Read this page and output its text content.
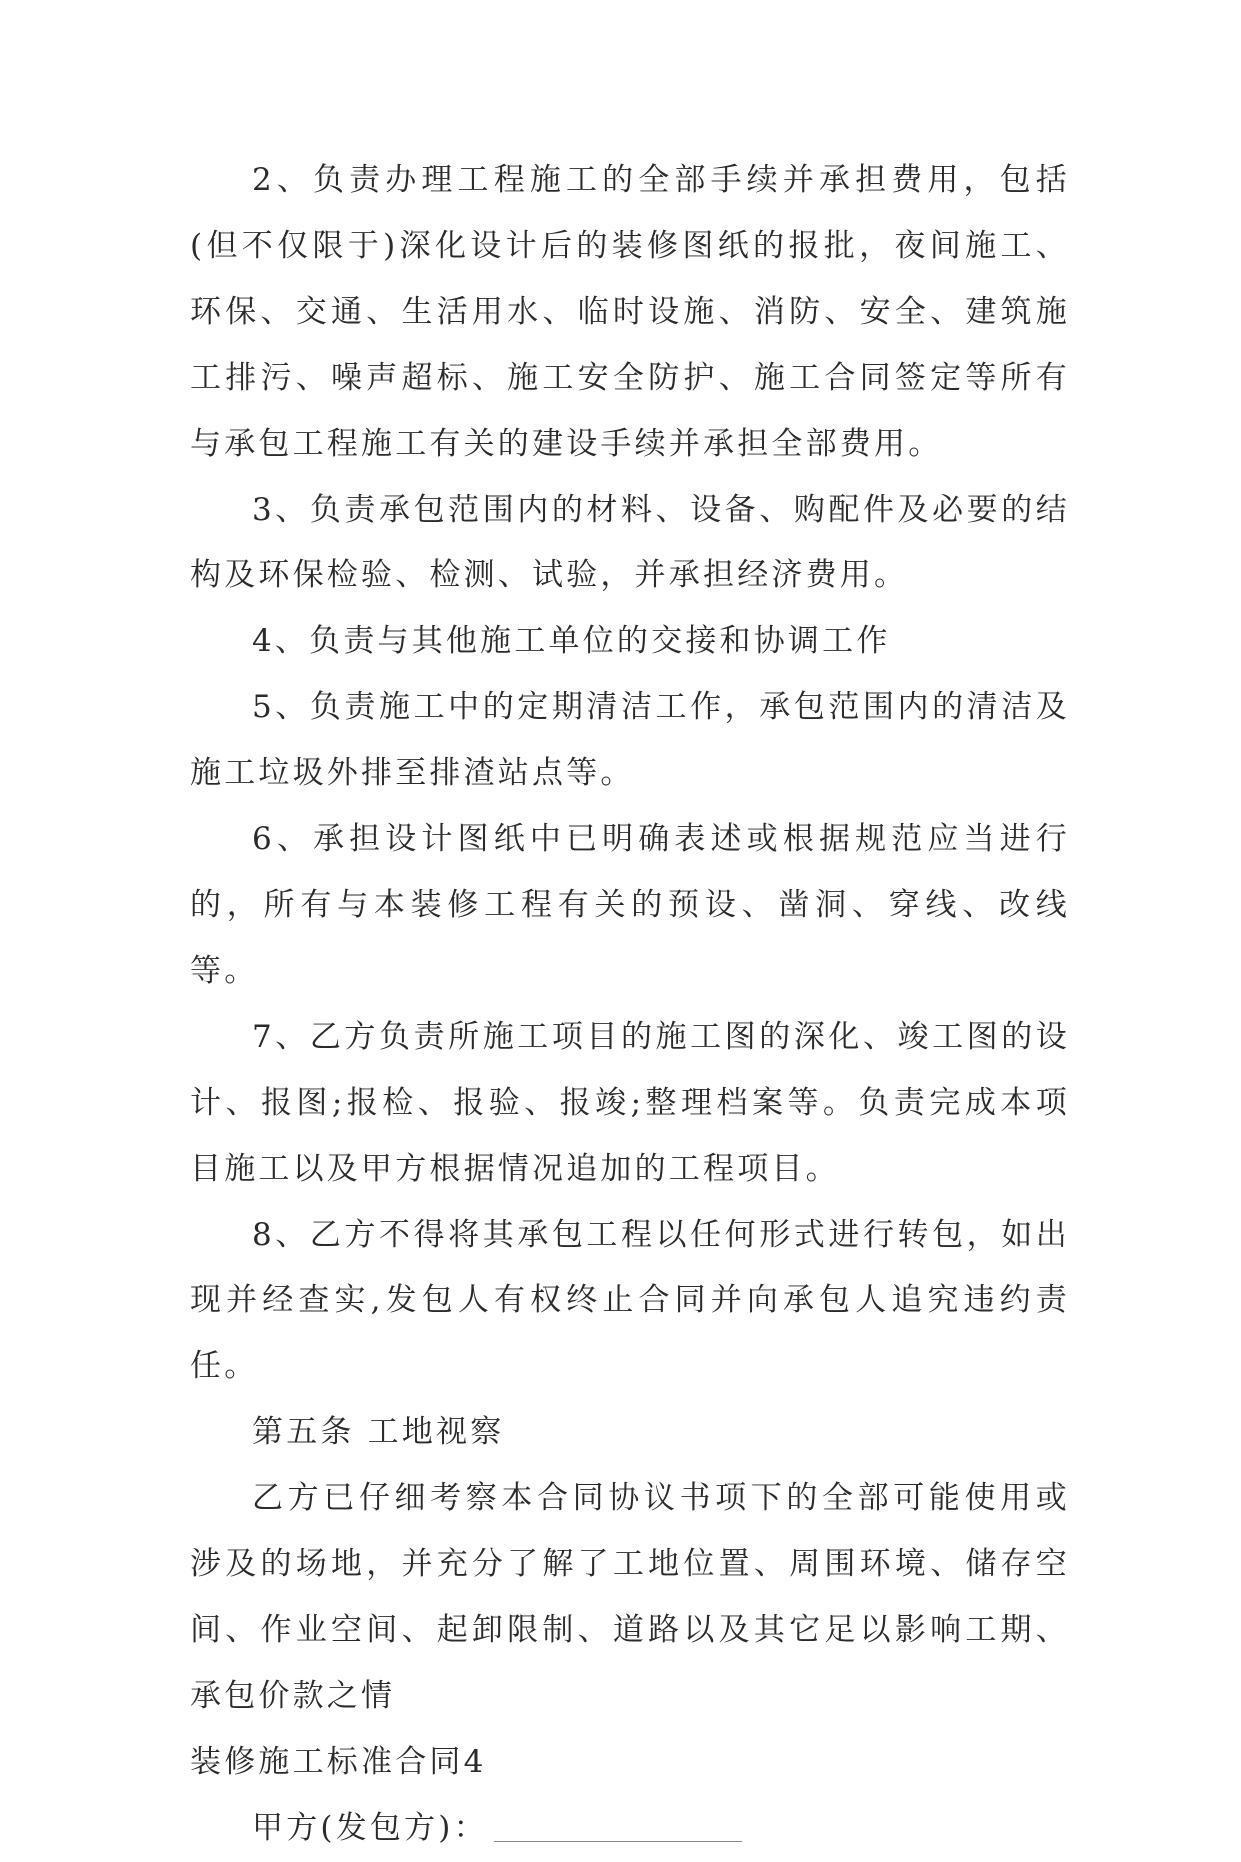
2、负责办理工程施工的全部手续并承担费用，包括(但不仅限于)深化设计后的装修图纸的报批，夜间施工、环保、交通、生活用水、临时设施、消防、安全、建筑施工排污、噪声超标、施工安全防护、施工合同签定等所有与承包工程施工有关的建设手续并承担全部费用。

3、负责承包范围内的材料、设备、购配件及必要的结构及环保检验、检测、试验，并承担经济费用。

4、负责与其他施工单位的交接和协调工作

5、负责施工中的定期清洁工作，承包范围内的清洁及施工垃圾外排至排渣站点等。

6、承担设计图纸中已明确表述或根据规范应当进行的，所有与本装修工程有关的预设、凿洞、穿线、改线等。

7、乙方负责所施工项目的施工图的深化、竣工图的设计、报图;报检、报验、报竣;整理档案等。负责完成本项目施工以及甲方根据情况追加的工程项目。

8、乙方不得将其承包工程以任何形式进行转包，如出现并经查实,发包人有权终止合同并向承包人追究违约责任。

第五条 工地视察

乙方已仔细考察本合同协议书项下的全部可能使用或涉及的场地，并充分了解了工地位置、周围环境、储存空间、作业空间、起卸限制、道路以及其它足以影响工期、承包价款之情

装修施工标准合同4

甲方(发包方)：
